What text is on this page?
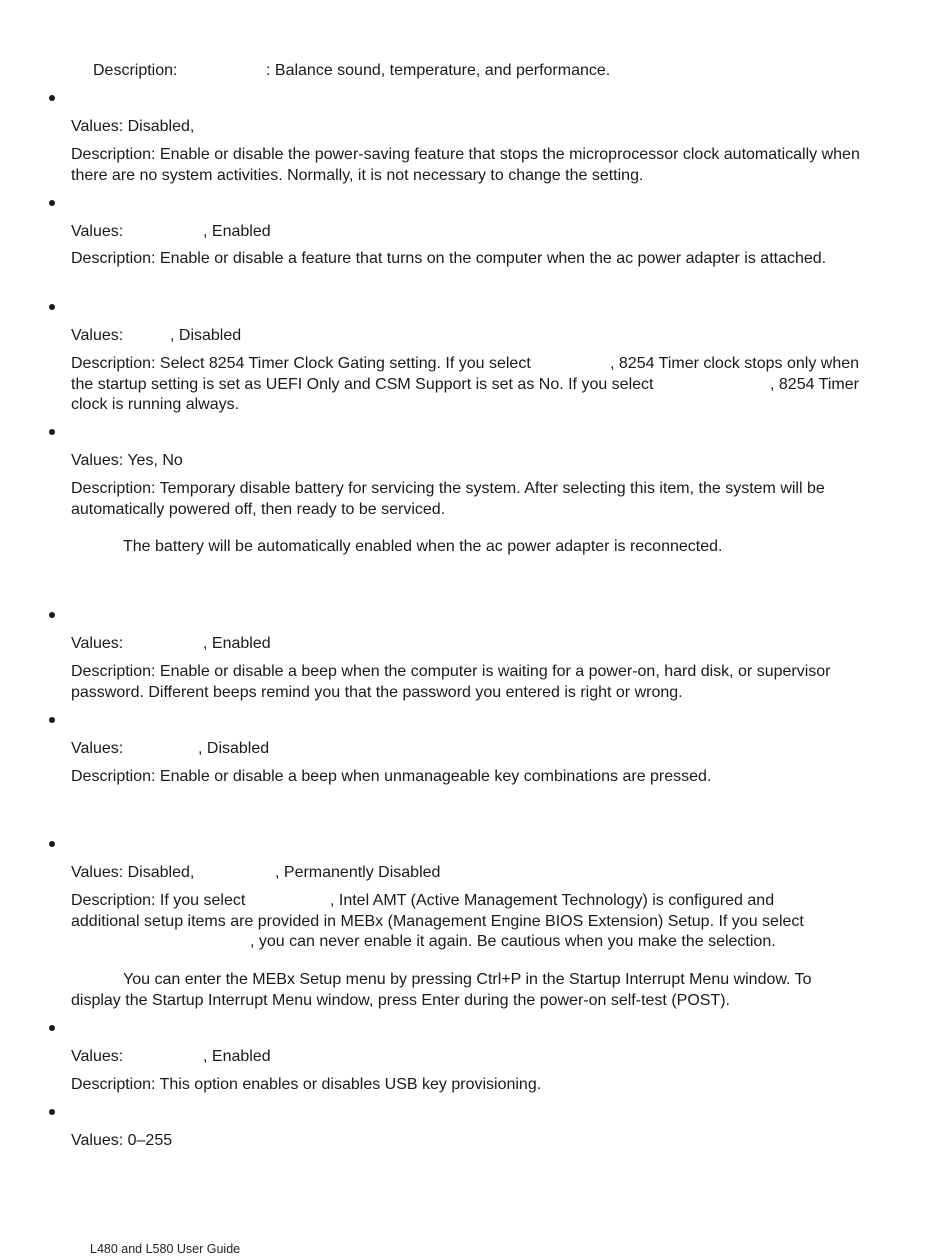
Description:	: Balance sound, temperature, and performance.
Values: Disabled,
Description: Enable or disable the power-saving feature that stops the microprocessor clock automatically when there are no system activities. Normally, it is not necessary to change the setting.
Values:	, Enabled
Description: Enable or disable a feature that turns on the computer when the ac power adapter is attached.
Values:	, Disabled
Description: Select 8254 Timer Clock Gating setting. If you select	, 8254 Timer clock stops only when
the startup setting is set as UEFI Only and CSM Support is set as No. If you select	, 8254 Timer
clock is running always.
Values: Yes, No
Description: Temporary disable battery for servicing the system. After selecting this item, the system will be automatically powered off, then ready to be serviced.
The battery will be automatically enabled when the ac power adapter is reconnected.
Values:	, Enabled
Description: Enable or disable a beep when the computer is waiting for a power-on, hard disk, or supervisor password. Different beeps remind you that the password you entered is right or wrong.
Values:	, Disabled
Description: Enable or disable a beep when unmanageable key combinations are pressed.
Values: Disabled,	, Permanently Disabled
Description: If you select	, Intel AMT (Active Management Technology) is configured and
additional setup items are provided in MEBx (Management Engine BIOS Extension) Setup. If you select
, you can never enable it again. Be cautious when you make the selection.
You can enter the MEBx Setup menu by pressing Ctrl+P in the Startup Interrupt Menu window. To
display the Startup Interrupt Menu window, press Enter during the power-on self-test (POST).
Values:	, Enabled
Description: This option enables or disables USB key provisioning.
Values: 0–255
L480 and L580 User Guide
